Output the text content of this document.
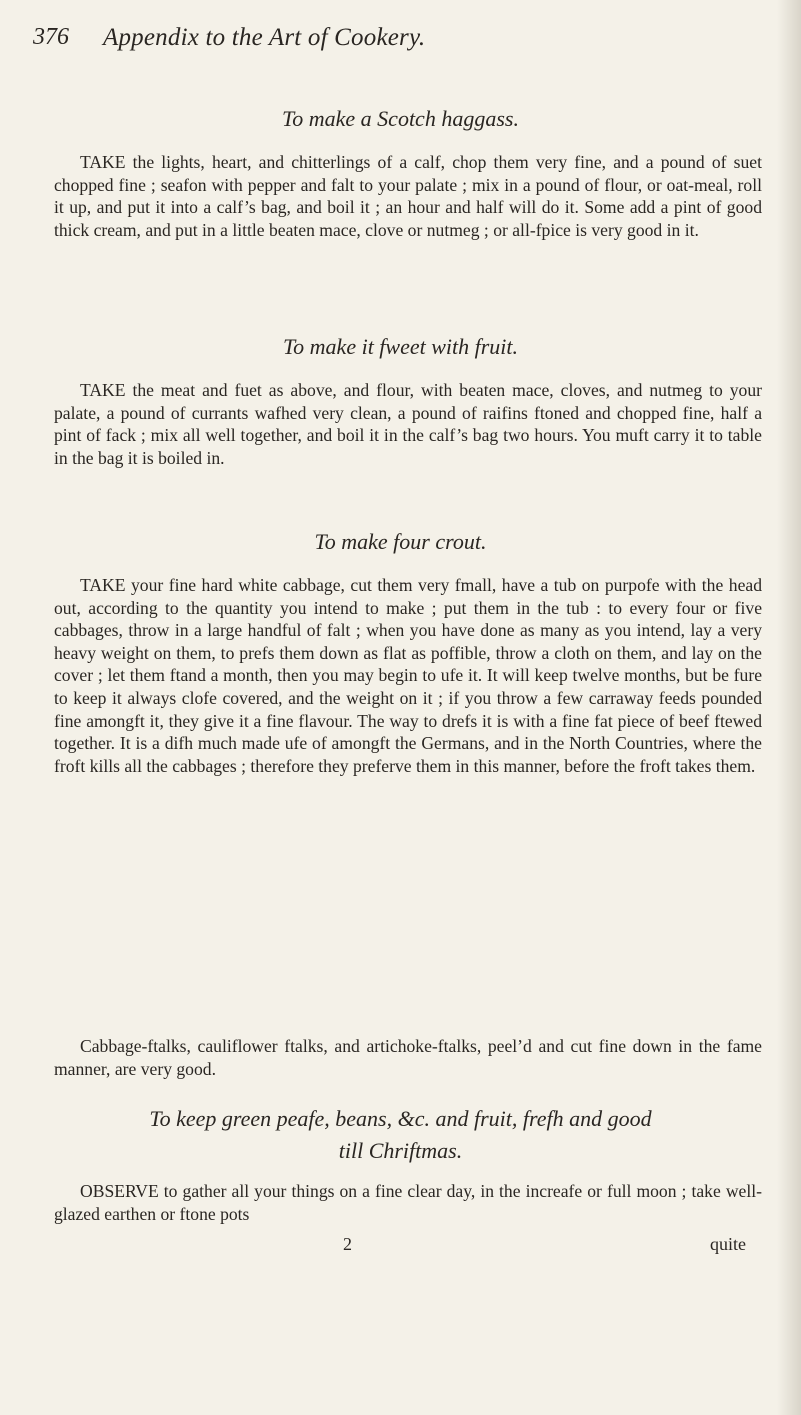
376 Appendix to the Art of Cookery.
To make a Scotch haggass.

TAKE the lights, heart, and chitterlings of a calf, chop them very fine, and a pound of suet chopped fine ; seafon with pepper and falt to your palate ; mix in a pound of flour, or oat-meal, roll it up, and put it into a calf’s bag, and boil it ; an hour and half will do it. Some add a pint of good thick cream, and put in a little beaten mace, clove or nutmeg ; or all-fpice is very good in it.

To make it fweet with fruit.

TAKE the meat and fuet as above, and flour, with beaten mace, cloves, and nutmeg to your palate, a pound of currants wafhed very clean, a pound of raifins ftoned and chopped fine, half a pint of fack ; mix all well together, and boil it in the calf’s bag two hours. You muft carry it to table in the bag it is boiled in.

To make four crout.

TAKE your fine hard white cabbage, cut them very fmall, have a tub on purpofe with the head out, according to the quantity you intend to make ; put them in the tub : to every four or five cabbages, throw in a large handful of falt ; when you have done as many as you intend, lay a very heavy weight on them, to prefs them down as flat as poffible, throw a cloth on them, and lay on the cover ; let them ftand a month, then you may begin to ufe it. It will keep twelve months, but be fure to keep it always clofe covered, and the weight on it ; if you throw a few carraway feeds pounded fine amongft it, they give it a fine flavour. The way to drefs it is with a fine fat piece of beef ftewed together. It is a difh much made ufe of amongft the Germans, and in the North Countries, where the froft kills all the cabbages ; therefore they preferve them in this manner, before the froft takes them.

Cabbage-ftalks, cauliflower ftalks, and artichoke-ftalks, peel’d and cut fine down in the fame manner, are very good.

To keep green peafe, beans, &c. and fruit, frefh and good
till Chriftmas.

OBSERVE to gather all your things on a fine clear day, in the increafe or full moon ; take well-glazed earthen or ftone pots

2	quite
